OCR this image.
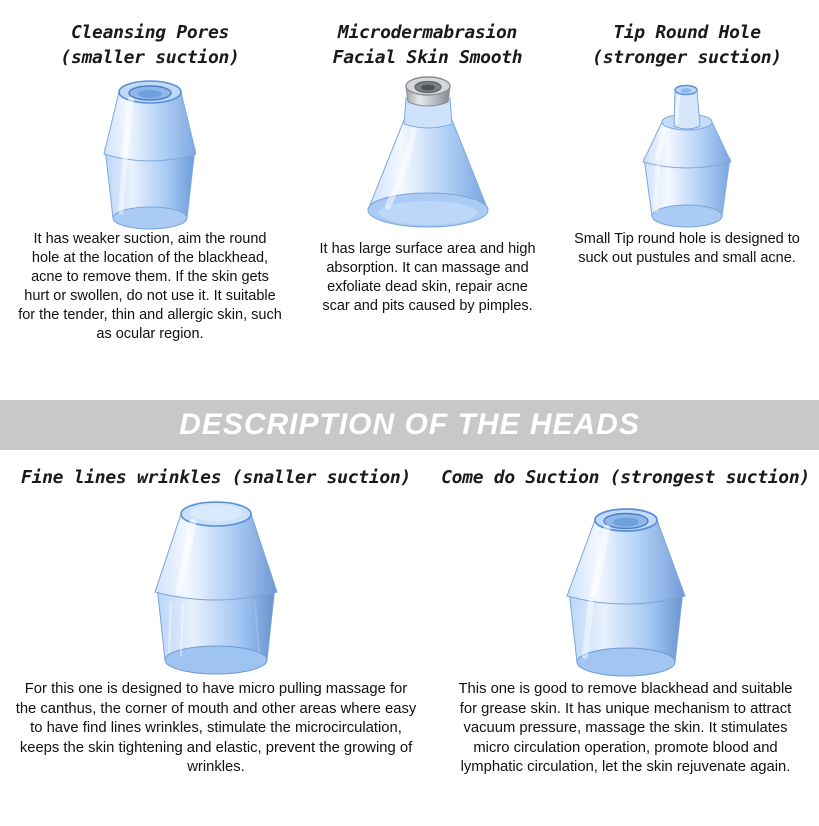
Cleansing Pores
(smaller suction)
It has weaker suction, aim the round hole at the location of the blackhead, acne to remove them. If the skin gets hurt or swollen, do not use it. It suitable for the tender, thin and allergic skin, such as ocular region.
Microdermabrasion
Facial Skin Smooth
It has large surface area and high absorption. It can massage and exfoliate dead skin, repair acne scar and pits caused by pimples.
Tip Round Hole
(stronger suction)
Small Tip round hole is designed to suck out pustules and small acne.
DESCRIPTION OF THE HEADS
Fine lines wrinkles (snaller suction)
For this one is designed to have micro pulling massage for the canthus, the corner of mouth and other areas where easy to have find lines wrinkles, stimulate the microcirculation, keeps the skin tightening and elastic, prevent the growing of wrinkles.
Come do Suction (strongest suction)
This one is good to remove blackhead and suitable for grease skin. It has unique mechanism to attract vacuum pressure, massage the skin. It stimulates micro circulation operation, promote blood and lymphatic circulation, let the skin rejuvenate again.
